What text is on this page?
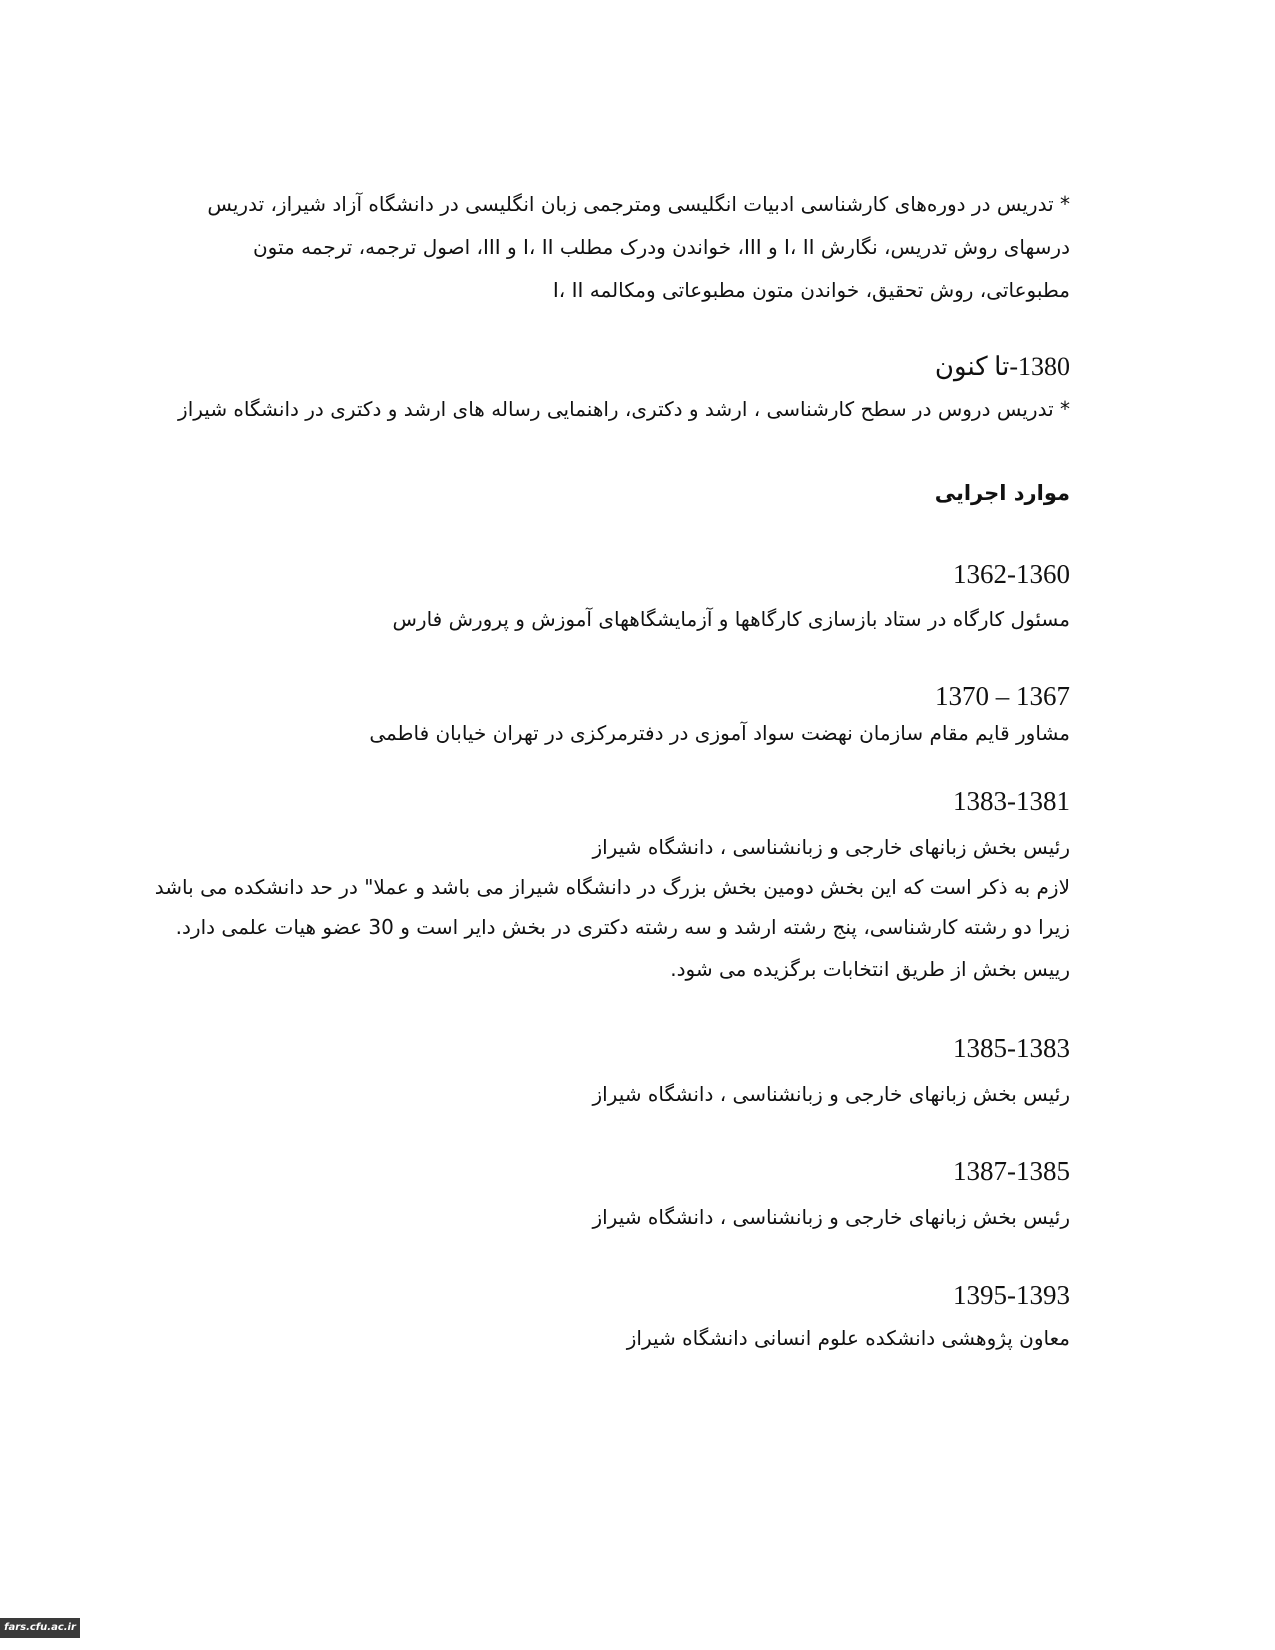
* تدریس در دوره‌های کارشناسی ادبیات انگلیسی ومترجمی زبان انگلیسی در دانشگاه آزاد شیراز، تدریس
درسهای روش تدریس، نگارش I، II و III، خواندن ودرک مطلب I، II و III، اصول ترجمه، ترجمه متون
مطبوعاتی، روش تحقیق، خواندن متون مطبوعاتی ومکالمه I، II
1380-تا کنون
* تدریس دروس در سطح کارشناسی ، ارشد و دکتری، راهنمایی رساله های ارشد و دکتری در دانشگاه شیراز
موارد اجرایی
1362-1360
مسئول کارگاه در ستاد بازسازی کارگاهها و آزمایشگاههای آموزش و پرورش فارس
1370 – 1367
مشاور قایم مقام سازمان نهضت سواد آموزی در دفترمرکزی در تهران خیابان فاطمی
1383-1381
رئیس بخش زبانهای خارجی و زبانشناسی ، دانشگاه شیراز
لازم به ذکر است که این بخش دومین بخش بزرگ در دانشگاه شیراز می باشد و عملا" در حد دانشکده می باشد
زیرا دو رشته کارشناسی، پنج رشته ارشد و سه رشته دکتری در بخش دایر است و 30 عضو هیات علمی دارد.
رییس بخش از طریق انتخابات برگزیده می شود.
1385-1383
رئیس بخش زبانهای خارجی و زبانشناسی ، دانشگاه شیراز
1387-1385
رئیس بخش زبانهای خارجی و زبانشناسی ، دانشگاه شیراز
1395-1393
معاون پژوهشی دانشکده علوم انسانی دانشگاه شیراز
fars.cfu.ac.ir
